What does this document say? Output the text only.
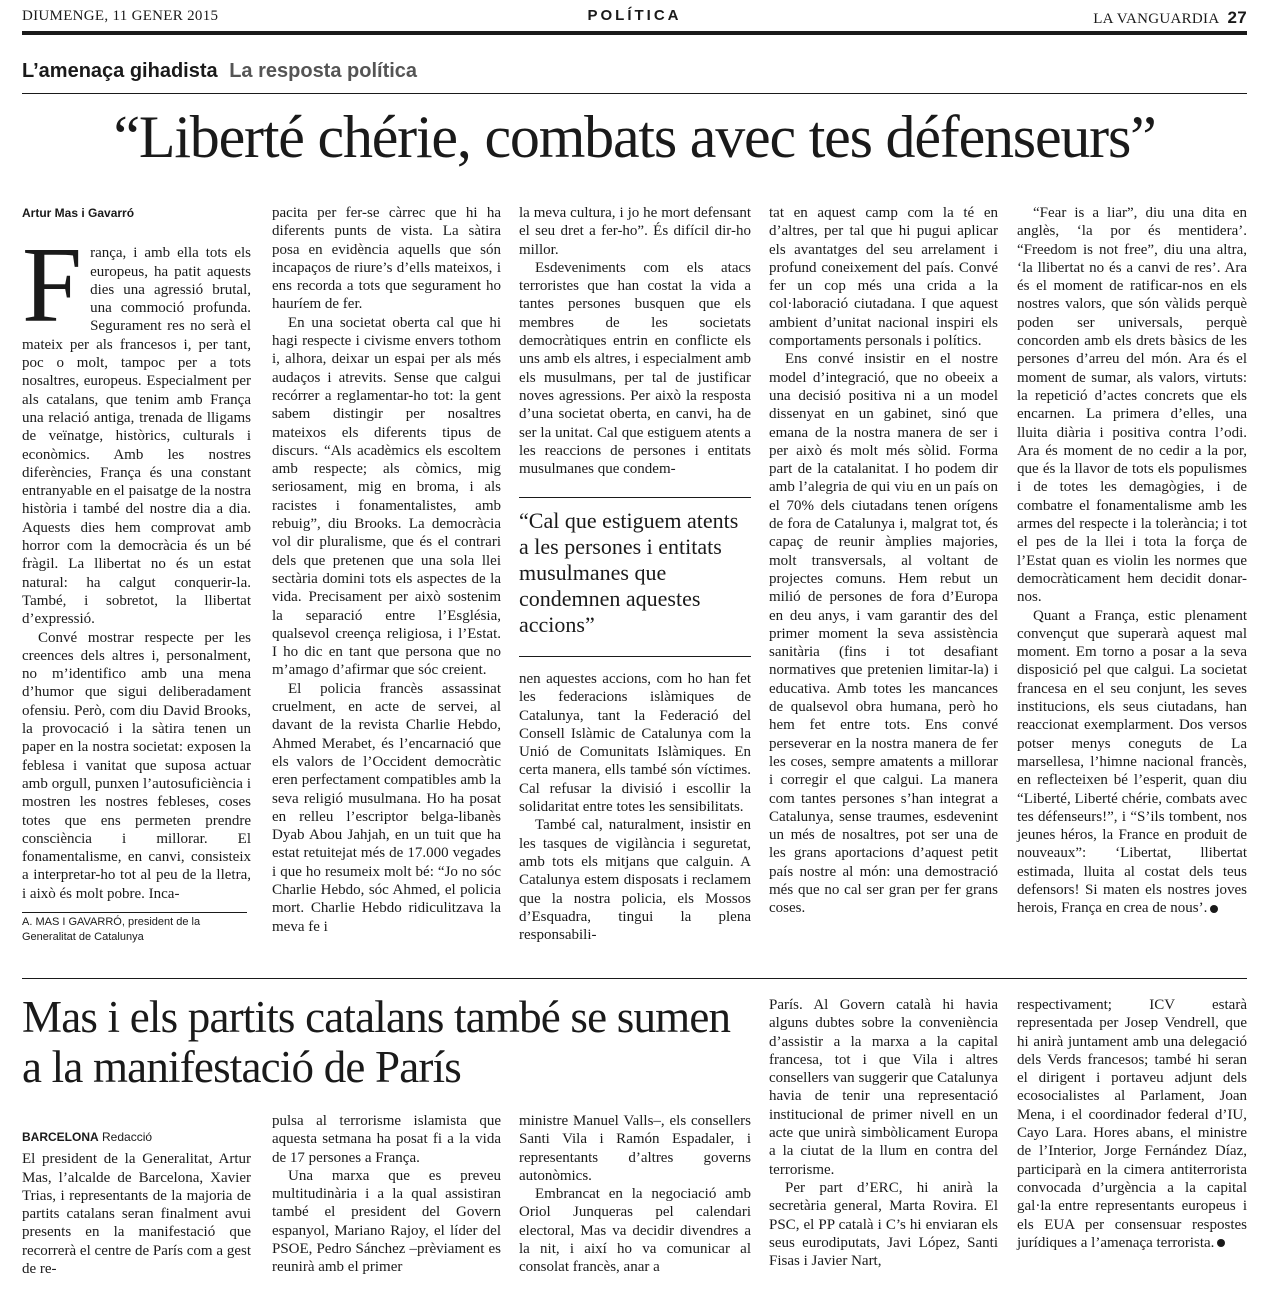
DIUMENGE, 11 GENER 2015	POLÍTICA	LA VANGUARDIA 27
L’amenaça gihadista La resposta política
“Liberté chérie, combats avec tes défenseurs”
Artur Mas i Gavarró
F rança, i amb ella tots els europeus, ha patit aquests dies una agressió brutal, una commoció profunda. Segurament res no serà el mateix per als francesos i, per tant, poc o molt, tampoc per a tots nosaltres, europeus. Especialment per als catalans, que tenim amb França una relació antiga, trenada de lligams de veïnatge, històrics, culturals i econòmics. Amb les nostres diferències, França és una constant entranyable en el paisatge de la nostra història i també del nostre dia a dia. Aquests dies hem comprovat amb horror com la democràcia és un bé fràgil. La llibertat no és un estat natural: ha calgut conquerir-la. També, i sobretot, la llibertat d’expressió.

Convé mostrar respecte per les creences dels altres i, personalment, no m’identifico amb una mena d’humor que sigui deliberadament ofensiu. Però, com diu David Brooks, la provocació i la sàtira tenen un paper en la nostra societat: exposen la feblesa i vanitat que suposa actuar amb orgull, punxen l’autosuficiència i mostren les nostres febleses, coses totes que ens permeten prendre consciència i millorar. El fonamentalisme, en canvi, consisteix a interpretar-ho tot al peu de la lletra, i això és molt pobre. Inca-

A. MAS I GAVARRÓ, president de la Generalitat de Catalunya

pacita per fer-se càrrec que hi ha diferents punts de vista. La sàtira posa en evidència aquells que són incapaços de riure’s d’ells mateixos, i ens recorda a tots que segurament ho hauríem de fer.

En una societat oberta cal que hi hagi respecte i civisme envers tothom i, alhora, deixar un espai per als més audaços i atrevits. Sense que calgui recórrer a reglamentar-ho tot: la gent sabem distingir per nosaltres mateixos els diferents tipus de discurs. “Als acadèmics els escoltem amb respecte; als còmics, mig seriosament, mig en broma, i als racistes i fonamentalistes, amb rebuig”, diu Brooks. La democràcia vol dir pluralisme, que és el contrari dels que pretenen que una sola llei sectària domini tots els aspectes de la vida. Precisament per això sostenim la separació entre l’Església, qualsevol creença religiosa, i l’Estat. I ho dic en tant que persona que no m’amago d’afirmar que sóc creient.

El policia francès assassinat cruelment, en acte de servei, al davant de la revista Charlie Hebdo, Ahmed Merabet, és l’encarnació que els valors de l’Occident democràtic eren perfectament compatibles amb la seva religió musulmana. Ho ha posat en relleu l’escriptor belga-libanès Dyab Abou Jahjah, en un tuit que ha estat retuitejat més de 17.000 vegades i que ho resumeix molt bé: “Jo no sóc Charlie Hebdo, sóc Ahmed, el policia mort. Charlie Hebdo ridiculitzava la meva fe i

la meva cultura, i jo he mort defensant el seu dret a fer-ho”. És difícil dir-ho millor.

Esdeveniments com els atacs terroristes que han costat la vida a tantes persones busquen que els membres de les societats democràtiques entrin en conflicte els uns amb els altres, i especialment amb els musulmans, per tal de justificar noves agressions. Per això la resposta d’una societat oberta, en canvi, ha de ser la unitat. Cal que estiguem atents a les reaccions de persones i entitats musulmanes que condem-

“Cal que estiguem atents a les persones i entitats musulmanes que condemnen aquestes accions”

nen aquestes accions, com ho han fet les federacions islàmiques de Catalunya, tant la Federació del Consell Islàmic de Catalunya com la Unió de Comunitats Islàmiques. En certa manera, ells també són víctimes. Cal refusar la divisió i escollir la solidaritat entre totes les sensibilitats.

També cal, naturalment, insistir en les tasques de vigilància i seguretat, amb tots els mitjans que calguin. A Catalunya estem disposats i reclamem que la nostra policia, els Mossos d’Esquadra, tingui la plena responsabili-

tat en aquest camp com la té en d’altres, per tal que hi pugui aplicar els avantatges del seu arrelament i profund coneixement del país. Convé fer un cop més una crida a la col·laboració ciutadana. I que aquest ambient d’unitat nacional inspiri els comportaments personals i polítics.

Ens convé insistir en el nostre model d’integració, que no obeeix a una decisió positiva ni a un model dissenyat en un gabinet, sinó que emana de la nostra manera de ser i per això és molt més sòlid. Forma part de la catalanitat. I ho podem dir amb l’alegria de qui viu en un país on el 70% dels ciutadans tenen orígens de fora de Catalunya i, malgrat tot, és capaç de reunir àmplies majories, molt transversals, al voltant de projectes comuns. Hem rebut un milió de persones de fora d’Europa en deu anys, i vam garantir des del primer moment la seva assistència sanitària (fins i tot desafiant normatives que pretenien limitar-la) i educativa. Amb totes les mancances de qualsevol obra humana, però ho hem fet entre tots. Ens convé perseverar en la nostra manera de fer les coses, sempre amatents a millorar i corregir el que calgui. La manera com tantes persones s’han integrat a Catalunya, sense traumes, esdevenint un més de nosaltres, pot ser una de les grans aportacions d’aquest petit país nostre al món: una demostració més que no cal ser gran per fer grans coses.

“Fear is a liar”, diu una dita en anglès, ‘la por és mentidera’. “Freedom is not free”, diu una altra, ‘la llibertat no és a canvi de res’. Ara és el moment de ratificar-nos en els nostres valors, que són vàlids perquè poden ser universals, perquè concorden amb els drets bàsics de les persones d’arreu del món. Ara és el moment de sumar, als valors, virtuts: la repetició d’actes concrets que els encarnen. La primera d’elles, una lluita diària i positiva contra l’odi. Ara és moment de no cedir a la por, que és la llavor de tots els populismes i de totes les demagògies, i de combatre el fonamentalisme amb les armes del respecte i la tolerància; i tot el pes de la llei i tota la força de l’Estat quan es violin les normes que democràticament hem decidit donar-nos.

Quant a França, estic plenament convençut que superarà aquest mal moment. Em torno a posar a la seva disposició pel que calgui. La societat francesa en el seu conjunt, les seves institucions, els seus ciutadans, han reaccionat exemplarment. Dos versos potser menys coneguts de La marsellesa, l’himne nacional francès, en reflecteixen bé l’esperit, quan diu “Liberté, Liberté chérie, combats avec tes défenseurs!”, i “S’ils tombent, nos jeunes héros, la France en produit de nouveaux”: ‘Libertat, llibertat estimada, lluita al costat dels teus defensors! Si maten els nostres joves herois, França en crea de nous’.

Mas i els partits catalans també se sumen a la manifestació de París
BARCELONA Redacció

El president de la Generalitat, Artur Mas, l’alcalde de Barcelona, Xavier Trias, i representants de la majoria de partits catalans seran finalment avui presents en la manifestació que recorrerà el centre de París com a gest de re-

pulsa al terrorisme islamista que aquesta setmana ha posat fi a la vida de 17 persones a França.

Una marxa que es preveu multitudinària i a la qual assistiran també el president del Govern espanyol, Mariano Rajoy, el líder del PSOE, Pedro Sánchez –prèviament es reunirà amb el primer

ministre Manuel Valls–, els consellers Santi Vila i Ramón Espadaler, i representants d’altres governs autonòmics.

Embrancat en la negociació amb Oriol Junqueras pel calendari electoral, Mas va decidir divendres a la nit, i així ho va comunicar al consolat francès, anar a

París. Al Govern català hi havia alguns dubtes sobre la conveniència d’assistir a la marxa a la capital francesa, tot i que Vila i altres consellers van suggerir que Catalunya havia de tenir una representació institucional de primer nivell en un acte que unirà simbòlicament Europa a la ciutat de la llum en contra del terrorisme.

Per part d’ERC, hi anirà la secretària general, Marta Rovira. El PSC, el PP català i C’s hi enviaran els seus eurodiputats, Javi López, Santi Fisas i Javier Nart,

respectivament; ICV estarà representada per Josep Vendrell, que hi anirà juntament amb una delegació dels Verds francesos; també hi seran el dirigent i portaveu adjunt dels ecosocialistes al Parlament, Joan Mena, i el coordinador federal d’IU, Cayo Lara. Hores abans, el ministre de l’Interior, Jorge Fernández Díaz, participarà en la cimera antiterrorista convocada d’urgència a la capital gal·la entre representants europeus i els EUA per consensuar respostes jurídiques a l’amenaça terrorista.
